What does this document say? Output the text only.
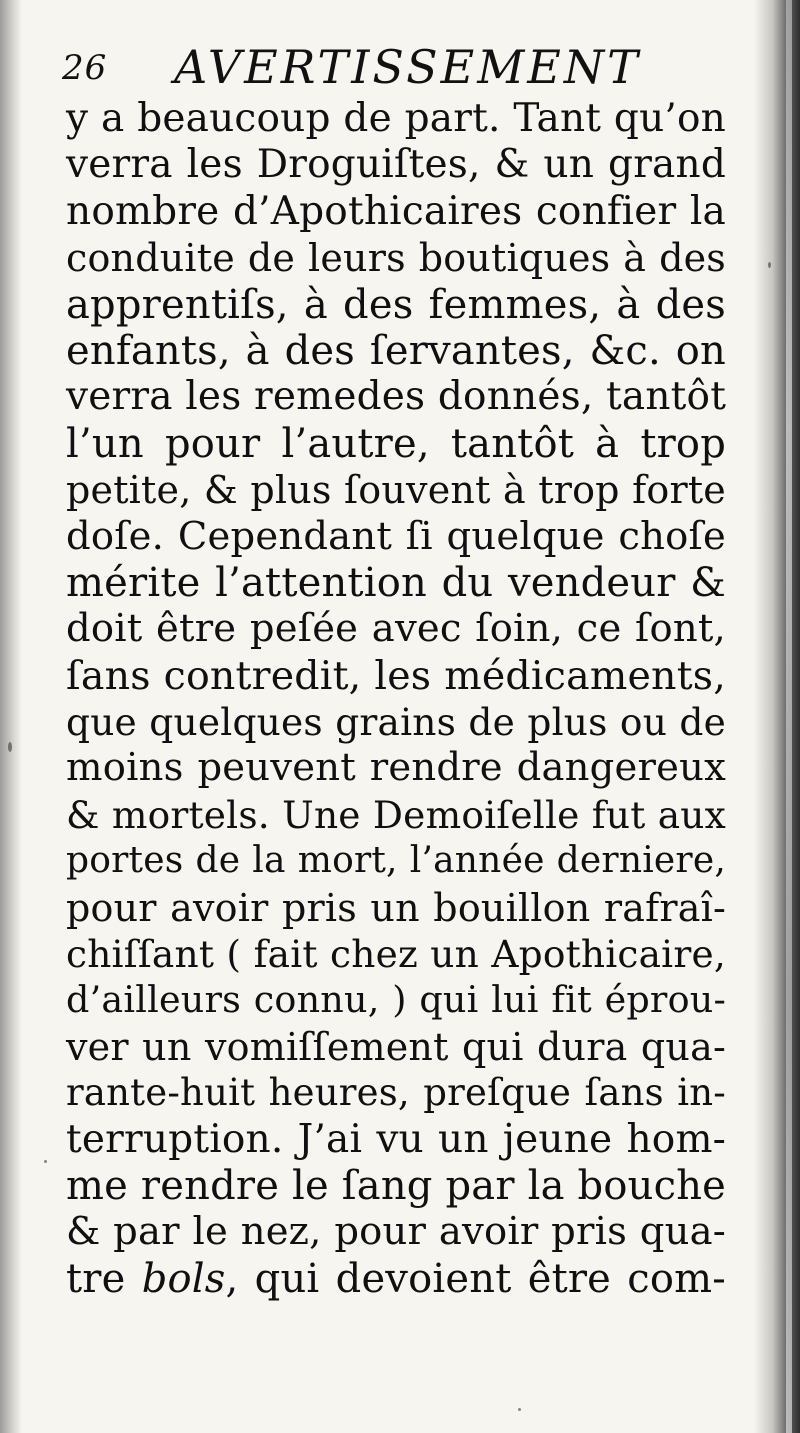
26 AVERTISSEMENT
y a beaucoup de part. Tant qu’on
verra les Droguiſtes, & un grand
nombre d’Apothicaires confier la
conduite de leurs boutiques à des
apprentiſs, à des femmes, à des
enfants, à des ſervantes, &c. on
verra les remedes donnés, tantôt
l’un pour l’autre, tantôt à trop
petite, & plus ſouvent à trop forte
doſe. Cependant ſi quelque choſe
mérite l’attention du vendeur &
doit être peſée avec ſoin, ce ſont,
ſans contredit, les médicaments,
que quelques grains de plus ou de
moins peuvent rendre dangereux
& mortels. Une Demoiſelle fut aux
portes de la mort, l’année derniere,
pour avoir pris un bouillon rafraî-
chiſſant ( fait chez un Apothicaire,
d’ailleurs connu, ) qui lui fit éprou-
ver un vomiſſement qui dura qua-
rante-huit heures, preſque ſans in-
terruption. J’ai vu un jeune hom-
me rendre le ſang par la bouche
& par le nez, pour avoir pris qua-
tre bols, qui devoient être com-
